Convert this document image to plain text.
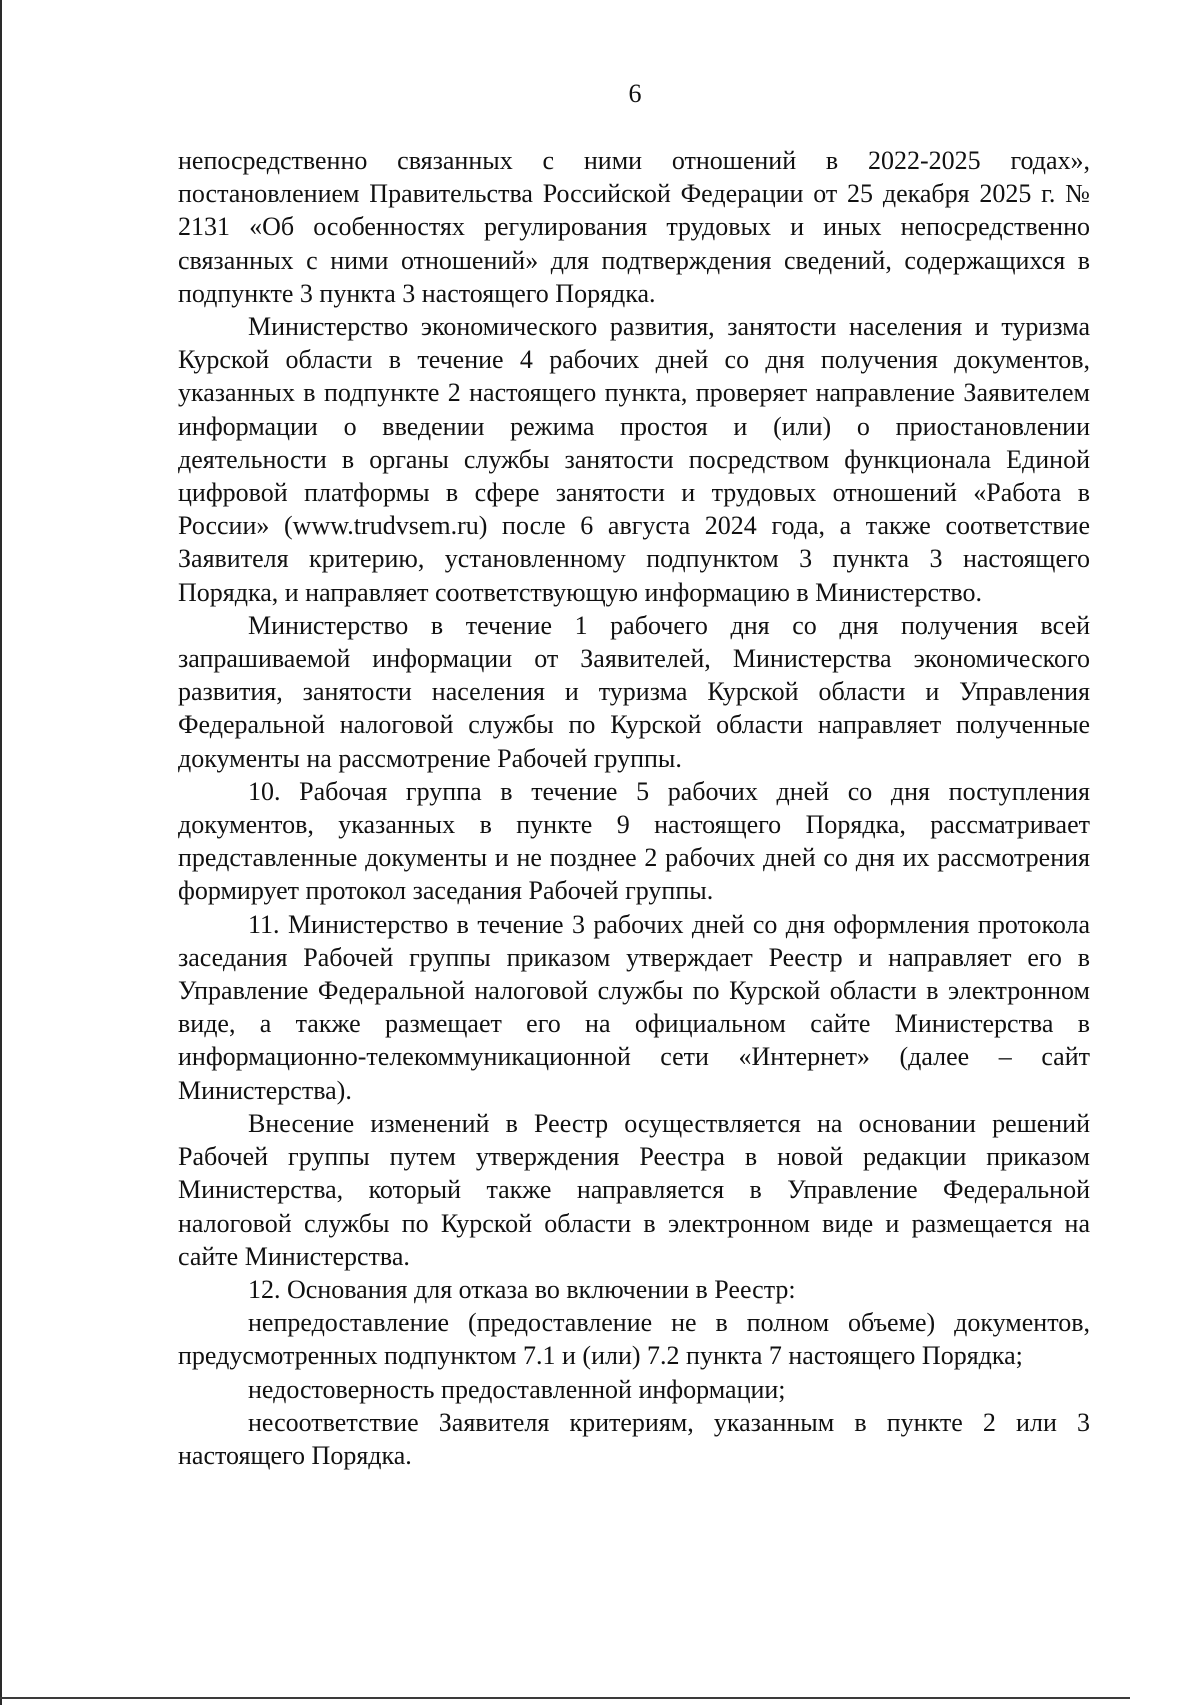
6

непосредственно связанных с ними отношений в 2022-2025 годах», постановлением Правительства Российской Федерации от 25 декабря 2025 г. № 2131 «Об особенностях регулирования трудовых и иных непосредственно связанных с ними отношений» для подтверждения сведений, содержащихся в подпункте 3 пункта 3 настоящего Порядка.

Министерство экономического развития, занятости населения и туризма Курской области в течение 4 рабочих дней со дня получения документов, указанных в подпункте 2 настоящего пункта, проверяет направление Заявителем информации о введении режима простоя и (или) о приостановлении деятельности в органы службы занятости посредством функционала Единой цифровой платформы в сфере занятости и трудовых отношений «Работа в России» (www.trudvsem.ru) после 6 августа 2024 года, а также соответствие Заявителя критерию, установленному подпунктом 3 пункта 3 настоящего Порядка, и направляет соответствующую информацию в Министерство.

Министерство в течение 1 рабочего дня со дня получения всей запрашиваемой информации от Заявителей, Министерства экономического развития, занятости населения и туризма Курской области и Управления Федеральной налоговой службы по Курской области направляет полученные документы на рассмотрение Рабочей группы.

10. Рабочая группа в течение 5 рабочих дней со дня поступления документов, указанных в пункте 9 настоящего Порядка, рассматривает представленные документы и не позднее 2 рабочих дней со дня их рассмотрения формирует протокол заседания Рабочей группы.

11. Министерство в течение 3 рабочих дней со дня оформления протокола заседания Рабочей группы приказом утверждает Реестр и направляет его в Управление Федеральной налоговой службы по Курской области в электронном виде, а также размещает его на официальном сайте Министерства в информационно-телекоммуникационной сети «Интернет» (далее – сайт Министерства).

Внесение изменений в Реестр осуществляется на основании решений Рабочей группы путем утверждения Реестра в новой редакции приказом Министерства, который также направляется в Управление Федеральной налоговой службы по Курской области в электронном виде и размещается на сайте Министерства.

12. Основания для отказа во включении в Реестр:

непредоставление (предоставление не в полном объеме) документов, предусмотренных подпунктом 7.1 и (или) 7.2 пункта 7 настоящего Порядка;

недостоверность предоставленной информации;

несоответствие Заявителя критериям, указанным в пункте 2 или 3 настоящего Порядка.
